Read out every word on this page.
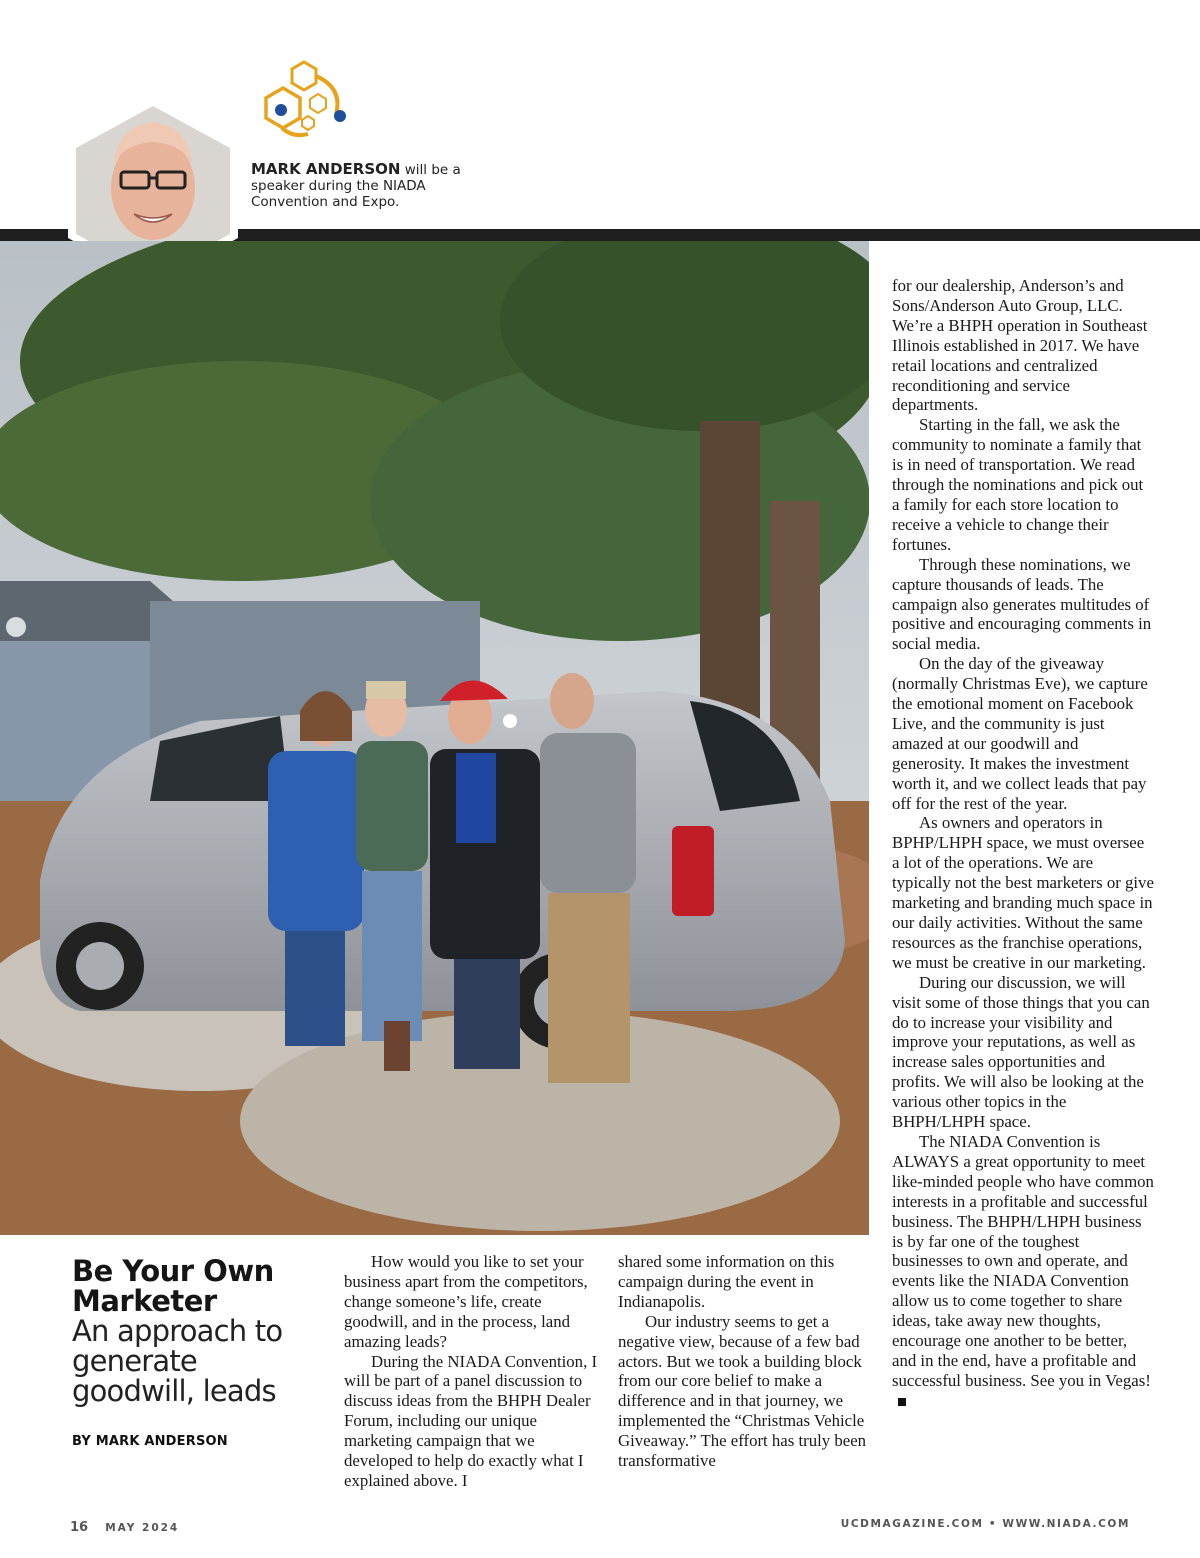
MARK ANDERSON will be a speaker during the NIADA Convention and Expo.
Be Your Own Marketer
An approach to generate goodwill, leads
BY MARK ANDERSON

How would you like to set your business apart from the competitors, change someone’s life, create goodwill, and in the process, land amazing leads?

During the NIADA Convention, I will be part of a panel discussion to discuss ideas from the BHPH Dealer Forum, including our unique marketing campaign that we developed to help do exactly what I explained above. I

shared some information on this campaign during the event in Indianapolis.

Our industry seems to get a negative view, because of a few bad actors. But we took a building block from our core belief to make a difference and in that journey, we implemented the “Christmas Vehicle Giveaway.” The effort has truly been transformative

for our dealership, Anderson’s and Sons/Anderson Auto Group, LLC. We’re a BHPH operation in Southeast Illinois established in 2017. We have retail locations and centralized reconditioning and service departments.

Starting in the fall, we ask the community to nominate a family that is in need of transportation. We read through the nominations and pick out a family for each store location to receive a vehicle to change their fortunes.

Through these nominations, we capture thousands of leads. The campaign also generates multitudes of positive and encouraging comments in social media.

On the day of the giveaway (normally Christmas Eve), we capture the emotional moment on Facebook Live, and the community is just amazed at our goodwill and generosity. It makes the investment worth it, and we collect leads that pay off for the rest of the year.

As owners and operators in BPHP/LHPH space, we must oversee a lot of the operations. We are typically not the best marketers or give marketing and branding much space in our daily activities. Without the same resources as the franchise operations, we must be creative in our marketing.

During our discussion, we will visit some of those things that you can do to increase your visibility and improve your reputations, as well as increase sales opportunities and profits. We will also be looking at the various other topics in the BHPH/LHPH space.

The NIADA Convention is ALWAYS a great opportunity to meet like-minded people who have common interests in a profitable and successful business. The BHPH/LHPH business is by far one of the toughest businesses to own and operate, and events like the NIADA Convention allow us to come together to share ideas, take away new thoughts, encourage one another to be better, and in the end, have a profitable and successful business. See you in Vegas!

16 MAY 2024	UCDMAGAZINE.COM • WWW.NIADA.COM
